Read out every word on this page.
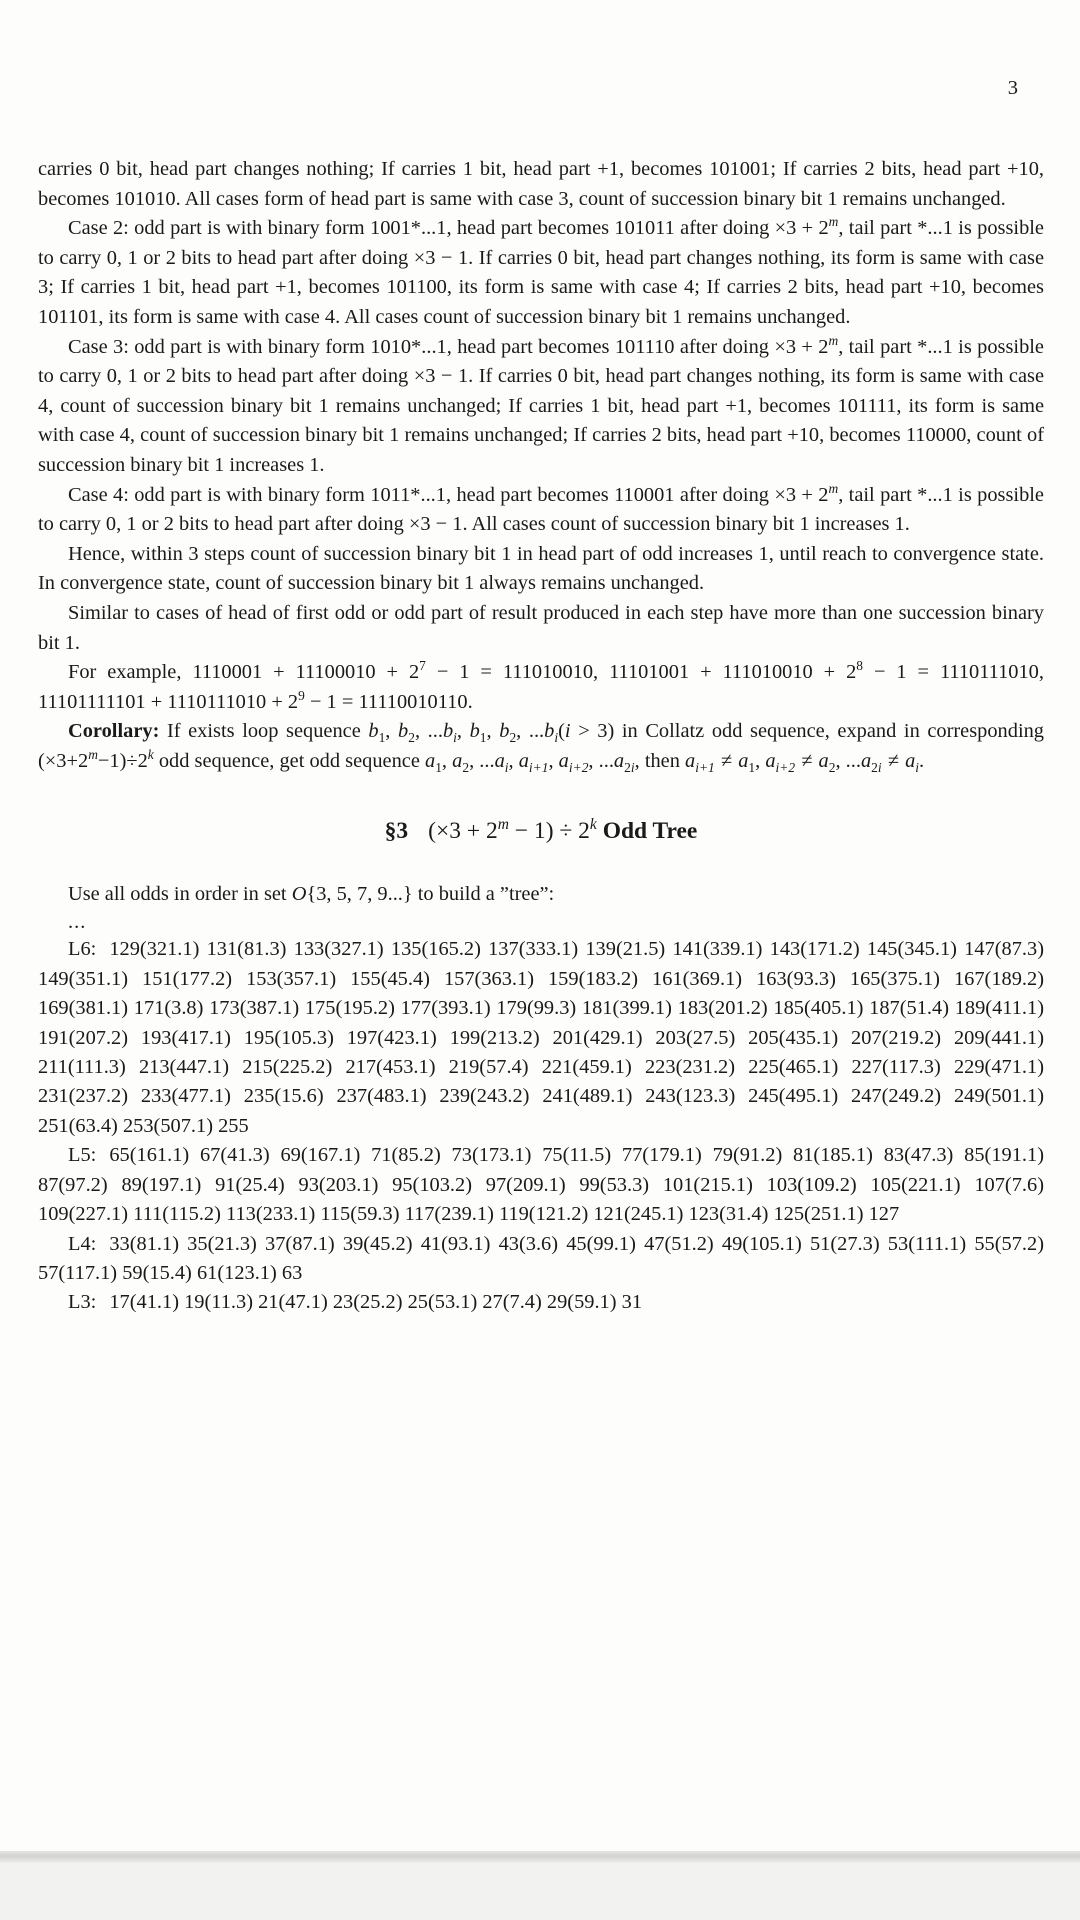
3

carries 0 bit, head part changes nothing; If carries 1 bit, head part +1, becomes 101001; If carries 2 bits, head part +10, becomes 101010. All cases form of head part is same with case 3, count of succession binary bit 1 remains unchanged.

Case 2: odd part is with binary form 1001*...1, head part becomes 101011 after doing $\times 3 + 2^m$, tail part *...1 is possible to carry 0, 1 or 2 bits to head part after doing ×3 − 1. If carries 0 bit, head part changes nothing, its form is same with case 3; If carries 1 bit, head part +1, becomes 101100, its form is same with case 4; If carries 2 bits, head part +10, becomes 101101, its form is same with case 4. All cases count of succession binary bit 1 remains unchanged.

Case 3: odd part is with binary form 1010*...1, head part becomes 101110 after doing $\times 3 + 2^m$, tail part *...1 is possible to carry 0, 1 or 2 bits to head part after doing ×3 − 1. If carries 0 bit, head part changes nothing, its form is same with case 4, count of succession binary bit 1 remains unchanged; If carries 1 bit, head part +1, becomes 101111, its form is same with case 4, count of succession binary bit 1 remains unchanged; If carries 2 bits, head part +10, becomes 110000, count of succession binary bit 1 increases 1.

Case 4: odd part is with binary form 1011*...1, head part becomes 110001 after doing $\times 3 + 2^m$, tail part *...1 is possible to carry 0, 1 or 2 bits to head part after doing ×3 − 1. All cases count of succession binary bit 1 increases 1.

Hence, within 3 steps count of succession binary bit 1 in head part of odd increases 1, until reach to convergence state. In convergence state, count of succession binary bit 1 always remains unchanged.

Similar to cases of head of first odd or odd part of result produced in each step have more than one succession binary bit 1.

For example, $1110001 + 11100010 + 2^7 - 1 = 111010010$, $11101001 + 111010010 + 2^8 - 1 = 1110111010$, $11101111101 + 1110111010 + 2^9 - 1 = 11110010110$.

Corollary: If exists loop sequence $b_1$, $b_2$, $...b_i$, $b_1$, $b_2$, $...b_i(i > 3)$ in Collatz odd sequence, expand in corresponding $(\times 3+2^m-1)\div 2^k$ odd sequence, get odd sequence $a_1$, $a_2$, $...a_i$, $a_{i+1}$, $a_{i+2}$, $...a_{2i}$, then $a_{i+1} \ne a_1$, $a_{i+2} \ne a_2$, $...a_{2i} \ne a_i$.

§3 $(\times 3 + 2^m - 1) \div 2^k$ Odd Tree

Use all odds in order in set O{3, 5, 7, 9...} to build a ”tree”:

...

L6: 129(321.1) 131(81.3) 133(327.1) 135(165.2) 137(333.1) 139(21.5) 141(339.1) 143(171.2) 145(345.1) 147(87.3) 149(351.1) 151(177.2) 153(357.1) 155(45.4) 157(363.1) 159(183.2) 161(369.1) 163(93.3) 165(375.1) 167(189.2) 169(381.1) 171(3.8) 173(387.1) 175(195.2) 177(393.1) 179(99.3) 181(399.1) 183(201.2) 185(405.1) 187(51.4) 189(411.1) 191(207.2) 193(417.1) 195(105.3) 197(423.1) 199(213.2) 201(429.1) 203(27.5) 205(435.1) 207(219.2) 209(441.1) 211(111.3) 213(447.1) 215(225.2) 217(453.1) 219(57.4) 221(459.1) 223(231.2) 225(465.1) 227(117.3) 229(471.1) 231(237.2) 233(477.1) 235(15.6) 237(483.1) 239(243.2) 241(489.1) 243(123.3) 245(495.1) 247(249.2) 249(501.1) 251(63.4) 253(507.1) 255

L5: 65(161.1) 67(41.3) 69(167.1) 71(85.2) 73(173.1) 75(11.5) 77(179.1) 79(91.2) 81(185.1) 83(47.3) 85(191.1) 87(97.2) 89(197.1) 91(25.4) 93(203.1) 95(103.2) 97(209.1) 99(53.3) 101(215.1) 103(109.2) 105(221.1) 107(7.6) 109(227.1) 111(115.2) 113(233.1) 115(59.3) 117(239.1) 119(121.2) 121(245.1) 123(31.4) 125(251.1) 127

L4: 33(81.1) 35(21.3) 37(87.1) 39(45.2) 41(93.1) 43(3.6) 45(99.1) 47(51.2) 49(105.1) 51(27.3) 53(111.1) 55(57.2) 57(117.1) 59(15.4) 61(123.1) 63

L3: 17(41.1) 19(11.3) 21(47.1) 23(25.2) 25(53.1) 27(7.4) 29(59.1) 31
